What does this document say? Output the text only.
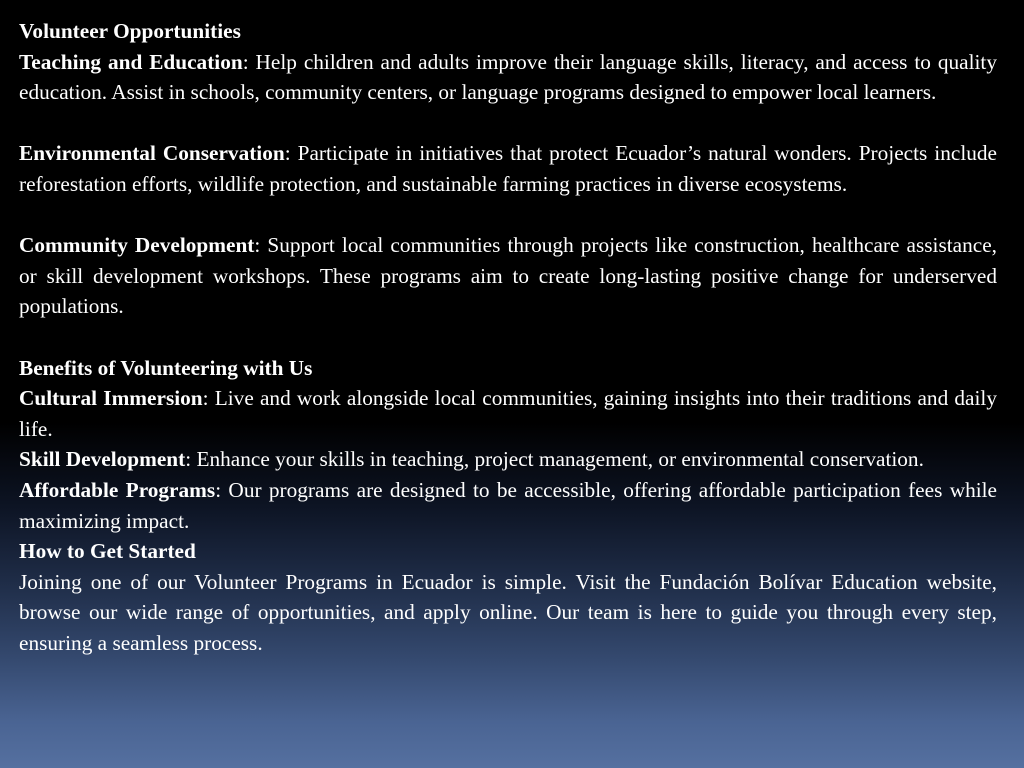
Volunteer Opportunities

Teaching and Education: Help children and adults improve their language skills, literacy, and access to quality education. Assist in schools, community centers, or language programs designed to empower local learners.

Environmental Conservation: Participate in initiatives that protect Ecuador’s natural wonders. Projects include reforestation efforts, wildlife protection, and sustainable farming practices in diverse ecosystems.

Community Development: Support local communities through projects like construction, healthcare assistance, or skill development workshops. These programs aim to create long-lasting positive change for underserved populations.

Benefits of Volunteering with Us

Cultural Immersion: Live and work alongside local communities, gaining insights into their traditions and daily life.

Skill Development: Enhance your skills in teaching, project management, or environmental conservation.

Affordable Programs: Our programs are designed to be accessible, offering affordable participation fees while maximizing impact.

How to Get Started

Joining one of our Volunteer Programs in Ecuador is simple. Visit the Fundación Bolívar Education website, browse our wide range of opportunities, and apply online. Our team is here to guide you through every step, ensuring a seamless process.
